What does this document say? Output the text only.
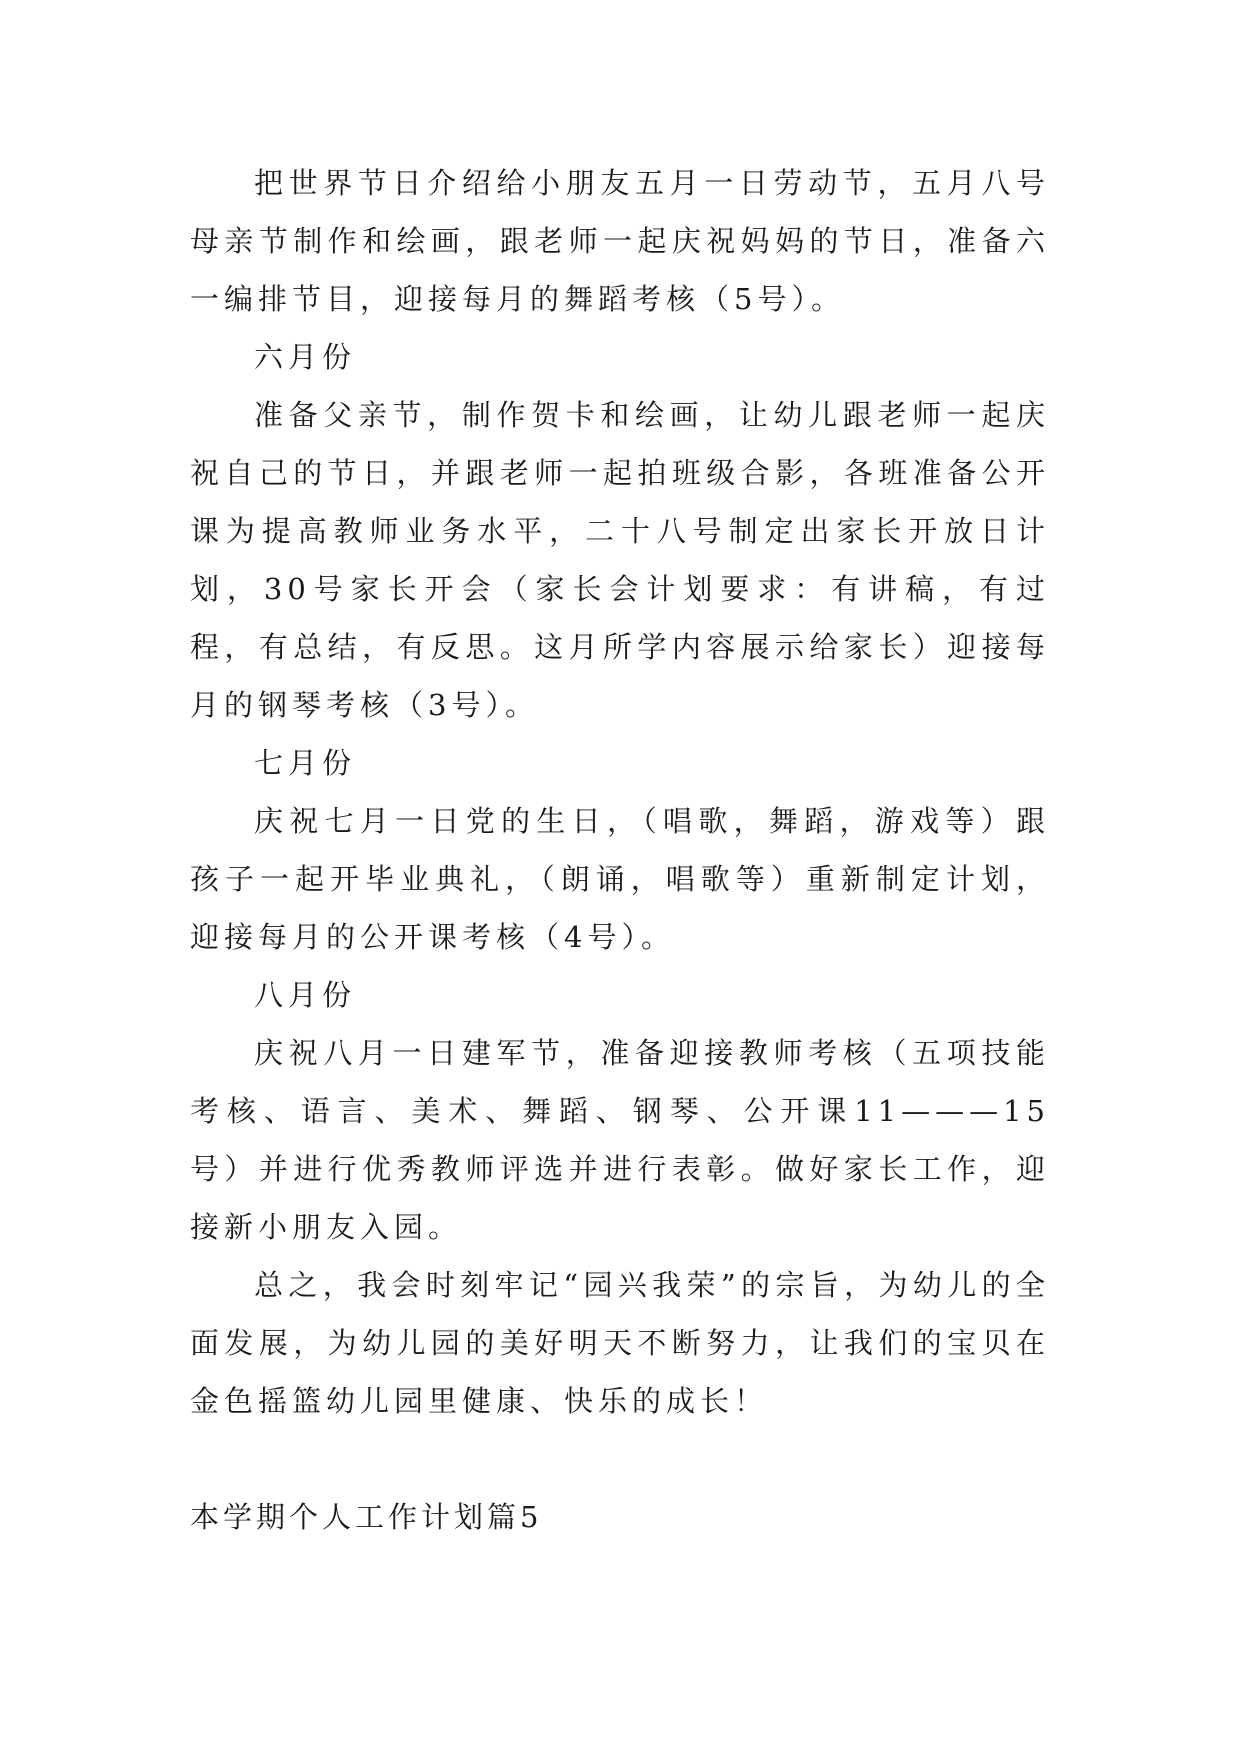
把世界节日介绍给小朋友五月一日劳动节，五月八号母亲节制作和绘画，跟老师一起庆祝妈妈的节日，准备六一编排节目，迎接每月的舞蹈考核（5号）。

六月份

准备父亲节，制作贺卡和绘画，让幼儿跟老师一起庆祝自己的节日，并跟老师一起拍班级合影，各班准备公开课为提高教师业务水平，二十八号制定出家长开放日计划，30号家长开会（家长会计划要求：有讲稿，有过程，有总结，有反思。这月所学内容展示给家长）迎接每月的钢琴考核（3号）。

七月份

庆祝七月一日党的生日，（唱歌，舞蹈，游戏等）跟孩子一起开毕业典礼，（朗诵，唱歌等）重新制定计划，迎接每月的公开课考核（4号）。

八月份

庆祝八月一日建军节，准备迎接教师考核（五项技能考核、语言、美术、舞蹈、钢琴、公开课11———15号）并进行优秀教师评选并进行表彰。做好家长工作，迎接新小朋友入园。

总之，我会时刻牢记“园兴我荣”的宗旨，为幼儿的全面发展，为幼儿园的美好明天不断努力，让我们的宝贝在金色摇篮幼儿园里健康、快乐的成长！

本学期个人工作计划篇5
